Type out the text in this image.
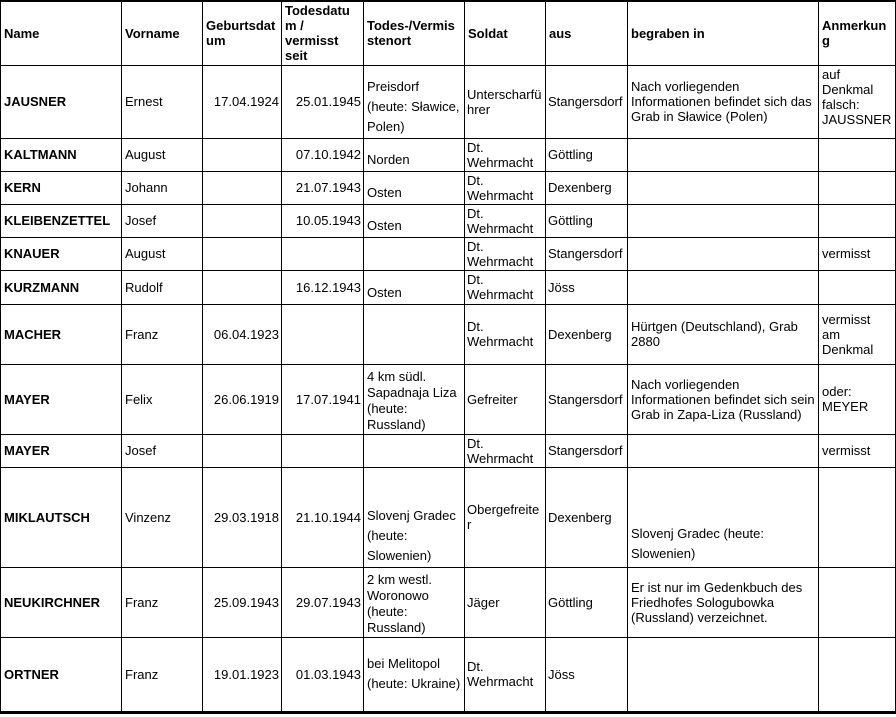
Name	Vorname	Geburtsdatum	Todesdatum / vermisst seit	Todes-/Vermisstenort	Soldat	aus	begraben in	Anmerkung
JAUSNER	Ernest	17.04.1924	25.01.1945	Preisdorf (heute: Sławice, Polen)	Unterscharführer	Stangersdorf	Nach vorliegenden Informationen befindet sich das Grab in Sławice (Polen)	auf Denkmal falsch: JAUSSNER
KALTMANN	August		07.10.1942	Norden	Dt. Wehrmacht	Göttling		
KERN	Johann		21.07.1943	Osten	Dt. Wehrmacht	Dexenberg		
KLEIBENZETTEL	Josef		10.05.1943	Osten	Dt. Wehrmacht	Göttling		
KNAUER	August				Dt. Wehrmacht	Stangersdorf		vermisst
KURZMANN	Rudolf		16.12.1943	Osten	Dt. Wehrmacht	Jöss		
MACHER	Franz	06.04.1923			Dt. Wehrmacht	Dexenberg	Hürtgen (Deutschland), Grab 2880	vermisst am Denkmal
MAYER	Felix	26.06.1919	17.07.1941	4 km südl. Sapadnaja Liza (heute: Russland)	Gefreiter	Stangersdorf	Nach vorliegenden Informationen befindet sich sein Grab in Zapa-Liza (Russland)	oder: MEYER
MAYER	Josef				Dt. Wehrmacht	Stangersdorf		vermisst
MIKLAUTSCH	Vinzenz	29.03.1918	21.10.1944	Slovenj Gradec (heute: Slowenien)	Obergefreiter	Dexenberg	Slovenj Gradec (heute: Slowenien)	
NEUKIRCHNER	Franz	25.09.1943	29.07.1943	2 km westl. Woronowo (heute: Russland)	Jäger	Göttling	Er ist nur im Gedenkbuch des Friedhofes Sologubowka (Russland) verzeichnet.	
ORTNER	Franz	19.01.1923	01.03.1943	bei Melitopol (heute: Ukraine)	Dt. Wehrmacht	Jöss		
